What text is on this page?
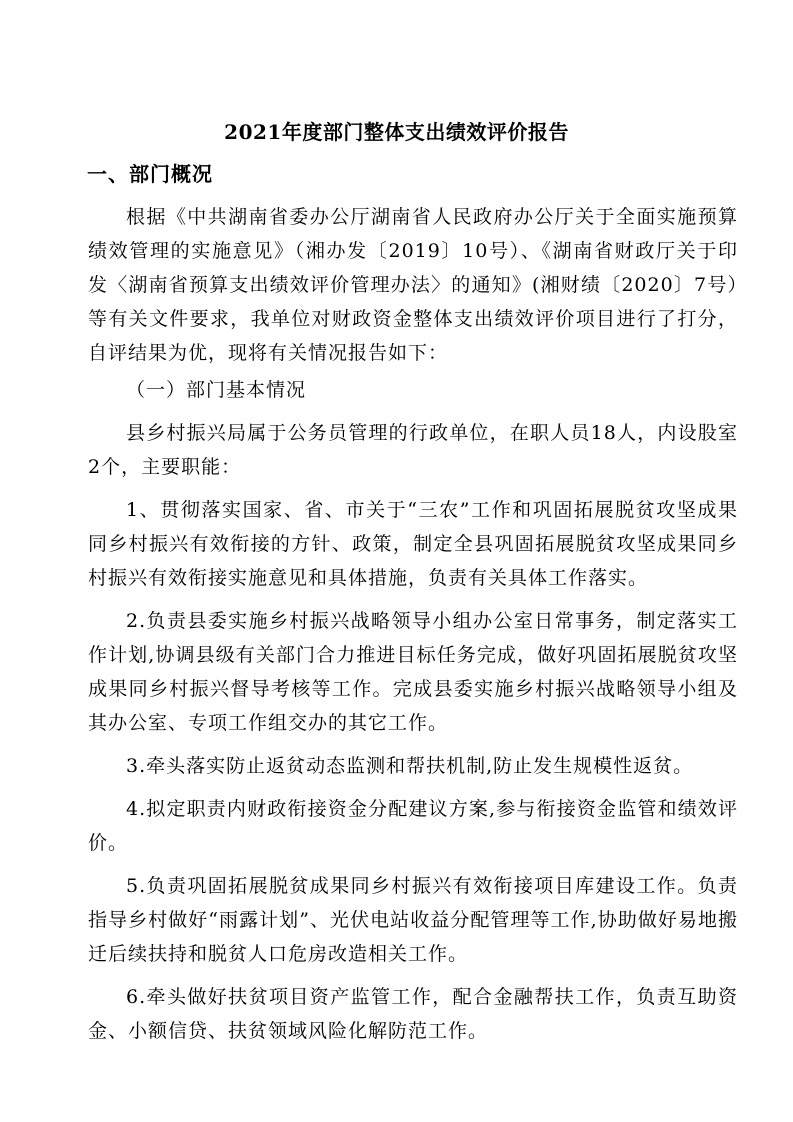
2021年度部门整体支出绩效评价报告
一、部门概况

根据《中共湖南省委办公厅湖南省人民政府办公厅关于全面实施预算绩效管理的实施意见》（湘办发〔2019〕10号）、《湖南省财政厅关于印发〈湖南省预算支出绩效评价管理办法〉的通知》(湘财绩〔2020〕7号）等有关文件要求，我单位对财政资金整体支出绩效评价项目进行了打分，自评结果为优，现将有关情况报告如下：

（一）部门基本情况

县乡村振兴局属于公务员管理的行政单位，在职人员18人，内设股室2个，主要职能：

1、贯彻落实国家、省、市关于“三农”工作和巩固拓展脱贫攻坚成果同乡村振兴有效衔接的方针、政策，制定全县巩固拓展脱贫攻坚成果同乡村振兴有效衔接实施意见和具体措施，负责有关具体工作落实。

2.负责县委实施乡村振兴战略领导小组办公室日常事务，制定落实工作计划,协调县级有关部门合力推进目标任务完成，做好巩固拓展脱贫攻坚成果同乡村振兴督导考核等工作。完成县委实施乡村振兴战略领导小组及其办公室、专项工作组交办的其它工作。

3.牵头落实防止返贫动态监测和帮扶机制,防止发生规模性返贫。

4.拟定职责内财政衔接资金分配建议方案,参与衔接资金监管和绩效评价。

5.负责巩固拓展脱贫成果同乡村振兴有效衔接项目库建设工作。负责指导乡村做好“雨露计划”、光伏电站收益分配管理等工作,协助做好易地搬迁后续扶持和脱贫人口危房改造相关工作。

6.牵头做好扶贫项目资产监管工作，配合金融帮扶工作，负责互助资金、小额信贷、扶贫领域风险化解防范工作。
